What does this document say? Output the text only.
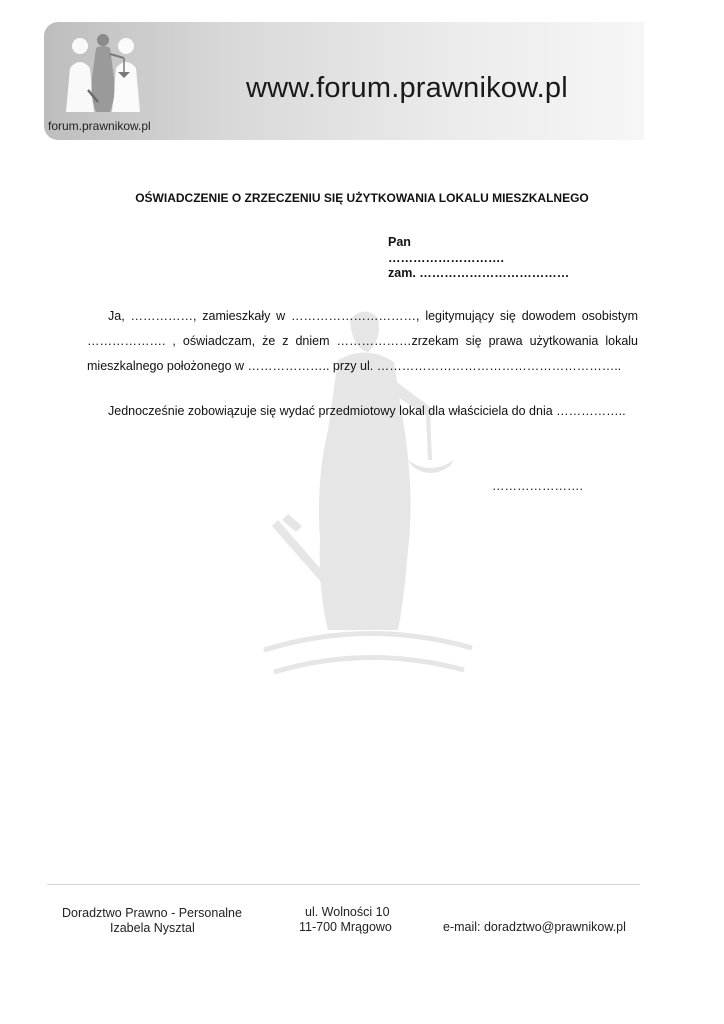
forum.prawnikow.pl
www.forum.prawnikow.pl
OŚWIADCZENIE O ZRZECZENIU SIĘ UŻYTKOWANIA LOKALU MIESZKALNEGO
Pan
……………………….
zam. ………………………………
Ja, ……………, zamieszkały w …………………………, legitymujący się dowodem osobistym ………………. , oświadczam, że z dniem ………………zrzekam się prawa użytkowania lokalu mieszkalnego położonego w ……………….. przy ul. …………………………………………………..
Jednocześnie zobowiązuje się wydać przedmiotowy lokal dla właściciela do dnia ……………..
………………….
Doradztwo Prawno - Personalne
Izabela Nysztal
ul. Wolności 10
11-700 Mrągowo	e-mail: doradztwo@prawnikow.pl
